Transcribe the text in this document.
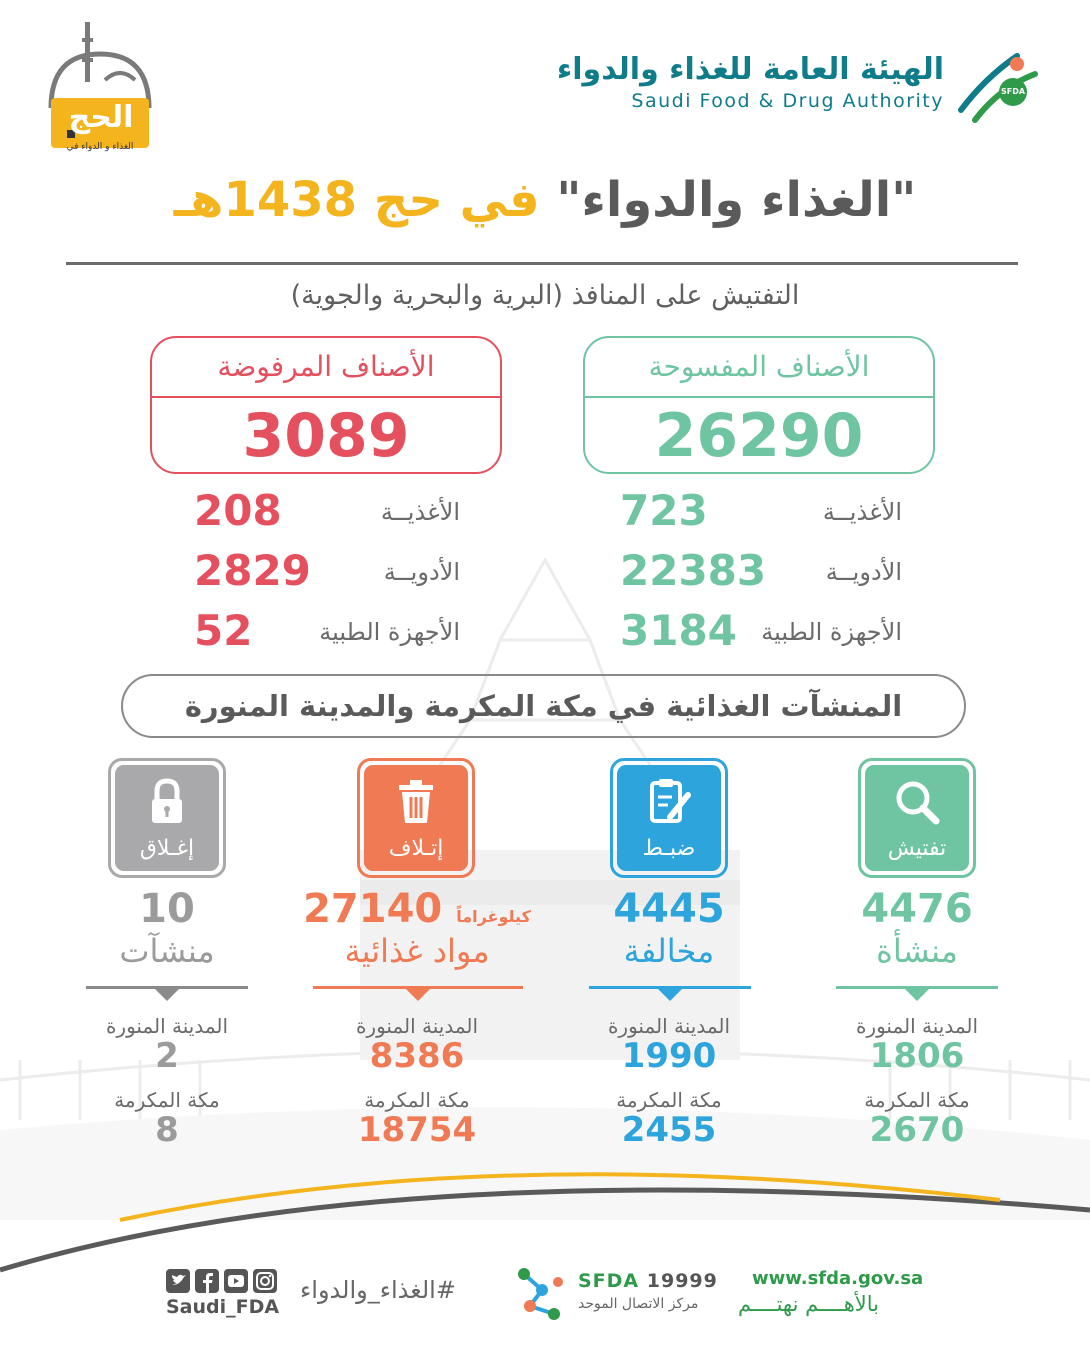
الحج
الغذاء و الدواء في
الهيئة العامة للغذاء والدواء
Saudi Food & Drug Authority	SFDA
"الغذاء والدواء" في حج 1438هـ
التفتيش على المنافذ (البرية والبحرية والجوية)
الأصناف المفسوحة
26290
الأصناف المرفوضة
3089
الأغذيــة
723
الأدويــة
22383
الأجهزة الطبية
3184
الأغذيــة
208
الأدويــة
2829
الأجهزة الطبية
52
المنشآت الغذائية في مكة المكرمة والمدينة المنورة
تفتيش
ضبـط
إتـلاف
إغـلاق
4476
منشأة
المدينة المنورة
1806
مكة المكرمة
2670
4445
مخالفة
المدينة المنورة
1990
مكة المكرمة
2455
كيلوغراماً 27140
مواد غذائية
المدينة المنورة
8386
مكة المكرمة
18754
10
منشآت
المدينة المنورة
2
مكة المكرمة
8
www.sfda.gov.sa
بالأهــــم نهتــــم
SFDA 19999
مركز الاتصال الموحد
#الغذاء_والدواء
Saudi_FDA
